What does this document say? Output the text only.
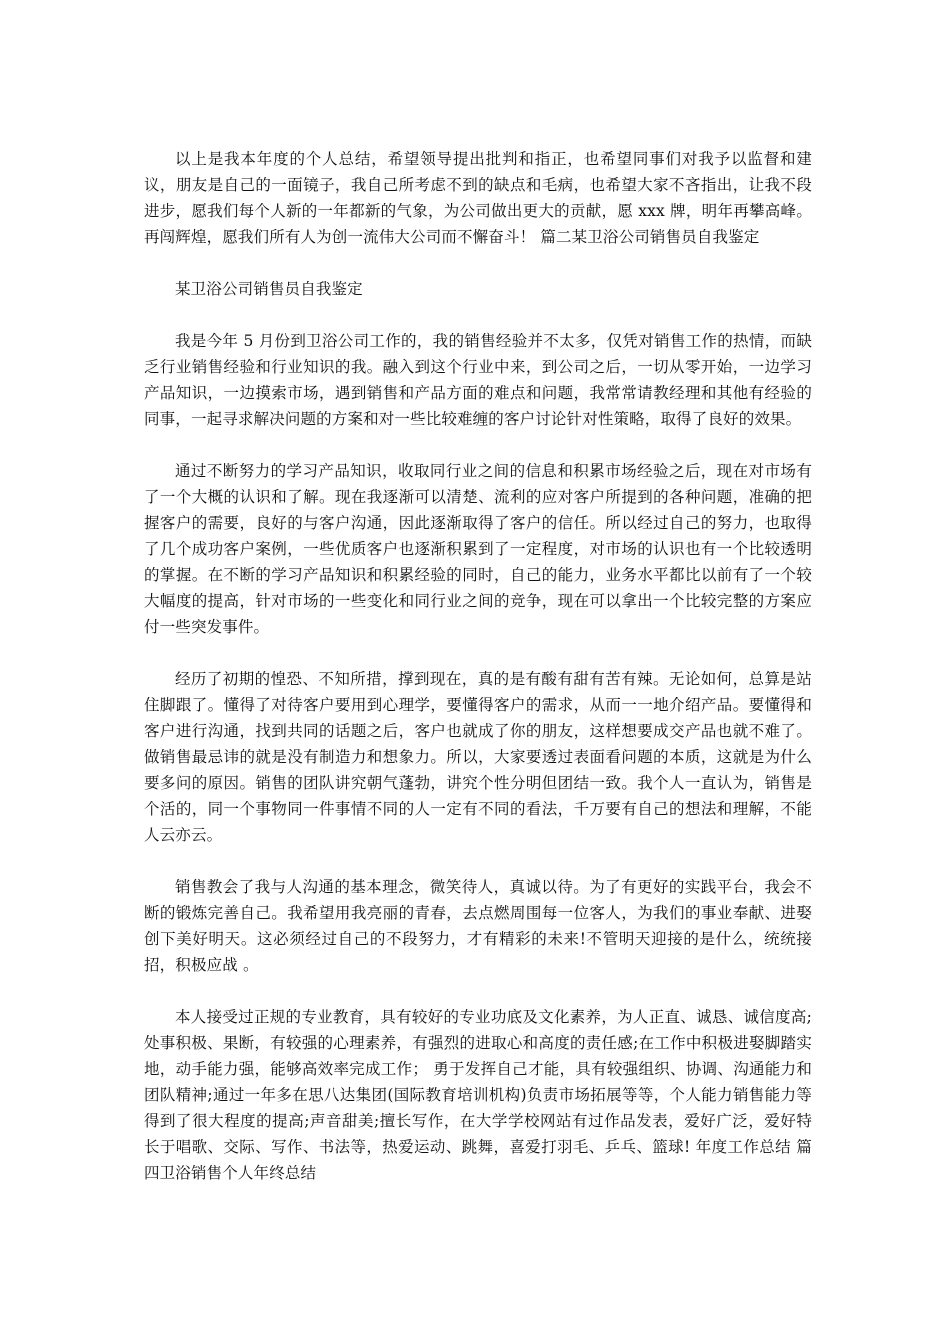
以上是我本年度的个人总结，希望领导提出批判和指正，也希望同事们对我予以监督和建议，朋友是自己的一面镜子，我自己所考虑不到的缺点和毛病，也希望大家不吝指出，让我不段进步，愿我们每个人新的一年都新的气象，为公司做出更大的贡献，愿 xxx 牌，明年再攀高峰。再闯辉煌，愿我们所有人为创一流伟大公司而不懈奋斗！ 篇二某卫浴公司销售员自我鉴定

某卫浴公司销售员自我鉴定

我是今年 5 月份到卫浴公司工作的，我的销售经验并不太多，仅凭对销售工作的热情，而缺乏行业销售经验和行业知识的我。融入到这个行业中来，到公司之后，一切从零开始，一边学习产品知识，一边摸索市场，遇到销售和产品方面的难点和问题，我常常请教经理和其他有经验的同事，一起寻求解决问题的方案和对一些比较难缠的客户讨论针对性策略，取得了良好的效果。

通过不断努力的学习产品知识，收取同行业之间的信息和积累市场经验之后，现在对市场有了一个大概的认识和了解。现在我逐渐可以清楚、流利的应对客户所提到的各种问题，准确的把握客户的需要，良好的与客户沟通，因此逐渐取得了客户的信任。所以经过自己的努力，也取得了几个成功客户案例，一些优质客户也逐渐积累到了一定程度，对市场的认识也有一个比较透明的掌握。在不断的学习产品知识和积累经验的同时，自己的能力，业务水平都比以前有了一个较大幅度的提高，针对市场的一些变化和同行业之间的竞争，现在可以拿出一个比较完整的方案应付一些突发事件。

经历了初期的惶恐、不知所措，撑到现在，真的是有酸有甜有苦有辣。无论如何，总算是站住脚跟了。懂得了对待客户要用到心理学，要懂得客户的需求，从而一一地介绍产品。要懂得和客户进行沟通，找到共同的话题之后，客户也就成了你的朋友，这样想要成交产品也就不难了。做销售最忌讳的就是没有制造力和想象力。所以，大家要透过表面看问题的本质，这就是为什么要多问的原因。销售的团队讲究朝气蓬勃，讲究个性分明但团结一致。我个人一直认为，销售是个活的，同一个事物同一件事情不同的人一定有不同的看法，千万要有自己的想法和理解，不能人云亦云。

销售教会了我与人沟通的基本理念，微笑待人，真诚以待。为了有更好的实践平台，我会不断的锻炼完善自己。我希望用我亮丽的青春，去点燃周围每一位客人，为我们的事业奉献、进娶创下美好明天。这必须经过自己的不段努力，才有精彩的未来!不管明天迎接的是什么，统统接招，积极应战 。

本人接受过正规的专业教育，具有较好的专业功底及文化素养，为人正直、诚恳、诚信度高;处事积极、果断，有较强的心理素养，有强烈的进取心和高度的责任感;在工作中积极进娶脚踏实地，动手能力强，能够高效率完成工作； 勇于发挥自己才能，具有较强组织、协调、沟通能力和团队精神;通过一年多在思八达集团(国际教育培训机构)负责市场拓展等等，个人能力销售能力等得到了很大程度的提高;声音甜美;擅长写作，在大学学校网站有过作品发表，爱好广泛，爱好特长于唱歌、交际、写作、书法等，热爱运动、跳舞，喜爱打羽毛、乒乓、篮球! 年度工作总结 篇四卫浴销售个人年终总结
